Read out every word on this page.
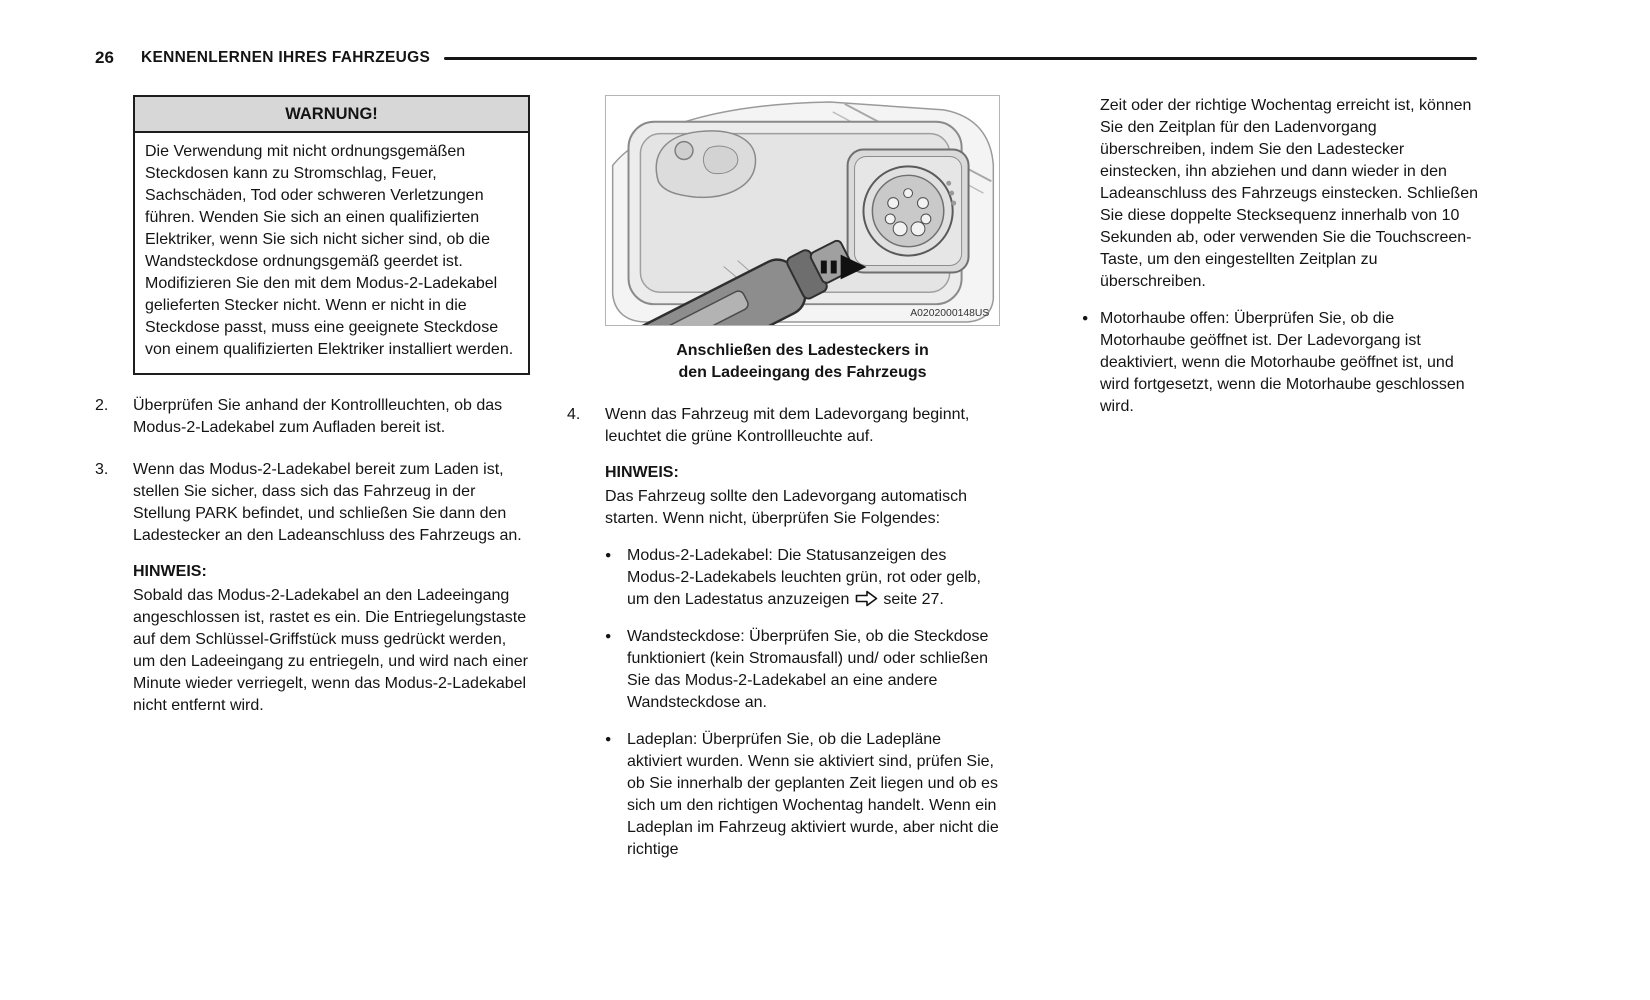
26	KENNENLERNEN IHRES FAHRZEUGS
WARNUNG!
Die Verwendung mit nicht ordnungsgemäßen Steckdosen kann zu Stromschlag, Feuer, Sachschäden, Tod oder schweren Verletzungen führen. Wenden Sie sich an einen qualifizierten Elektriker, wenn Sie sich nicht sicher sind, ob die Wandsteckdose ordnungsgemäß geerdet ist. Modifizieren Sie den mit dem Modus-2-Ladekabel gelieferten Stecker nicht. Wenn er nicht in die Steckdose passt, muss eine geeignete Steckdose von einem qualifizierten Elektriker installiert werden.
2.	Überprüfen Sie anhand der Kontrollleuchten, ob das Modus-2-Ladekabel zum Aufladen bereit ist.
3.	Wenn das Modus-2-Ladekabel bereit zum Laden ist, stellen Sie sicher, dass sich das Fahrzeug in der Stellung PARK befindet, und schließen Sie dann den Ladestecker an den Ladeanschluss des Fahrzeugs an.
HINWEIS:
Sobald das Modus-2-Ladekabel an den Ladeeingang angeschlossen ist, rastet es ein. Die Entriegelungstaste auf dem Schlüssel-Griffstück muss gedrückt werden, um den Ladeeingang zu entriegeln, und wird nach einer Minute wieder verriegelt, wenn das Modus-2-Ladekabel nicht entfernt wird.
A0202000148US
Anschließen des Ladesteckers in
den Ladeeingang des Fahrzeugs
4.	Wenn das Fahrzeug mit dem Ladevorgang beginnt, leuchtet die grüne Kontrollleuchte auf.
HINWEIS:
Das Fahrzeug sollte den Ladevorgang automatisch starten. Wenn nicht, überprüfen Sie Folgendes:
●
Modus-2-Ladekabel: Die Statusanzeigen des Modus-2-Ladekabels leuchten grün, rot oder gelb, um den Ladestatus anzuzeigen seite 27.
●
Wandsteckdose: Überprüfen Sie, ob die Steckdose funktioniert (kein Stromausfall) und/ oder schließen Sie das Modus-2-Ladekabel an eine andere Wandsteckdose an.
●
Ladeplan: Überprüfen Sie, ob die Ladepläne aktiviert wurden. Wenn sie aktiviert sind, prüfen Sie, ob Sie innerhalb der geplanten Zeit liegen und ob es sich um den richtigen Wochentag handelt. Wenn ein Ladeplan im Fahrzeug aktiviert wurde, aber nicht die richtige
Zeit oder der richtige Wochentag erreicht ist, können Sie den Zeitplan für den Ladenvorgang überschreiben, indem Sie den Ladestecker einstecken, ihn abziehen und dann wieder in den Ladeanschluss des Fahrzeugs einstecken. Schließen Sie diese doppelte Stecksequenz innerhalb von 10 Sekunden ab, oder verwenden Sie die Touchscreen-Taste, um den eingestellten Zeitplan zu überschreiben.
●
Motorhaube offen: Überprüfen Sie, ob die Motorhaube geöffnet ist. Der Ladevorgang ist deaktiviert, wenn die Motorhaube geöffnet ist, und wird fortgesetzt, wenn die Motorhaube geschlossen wird.
